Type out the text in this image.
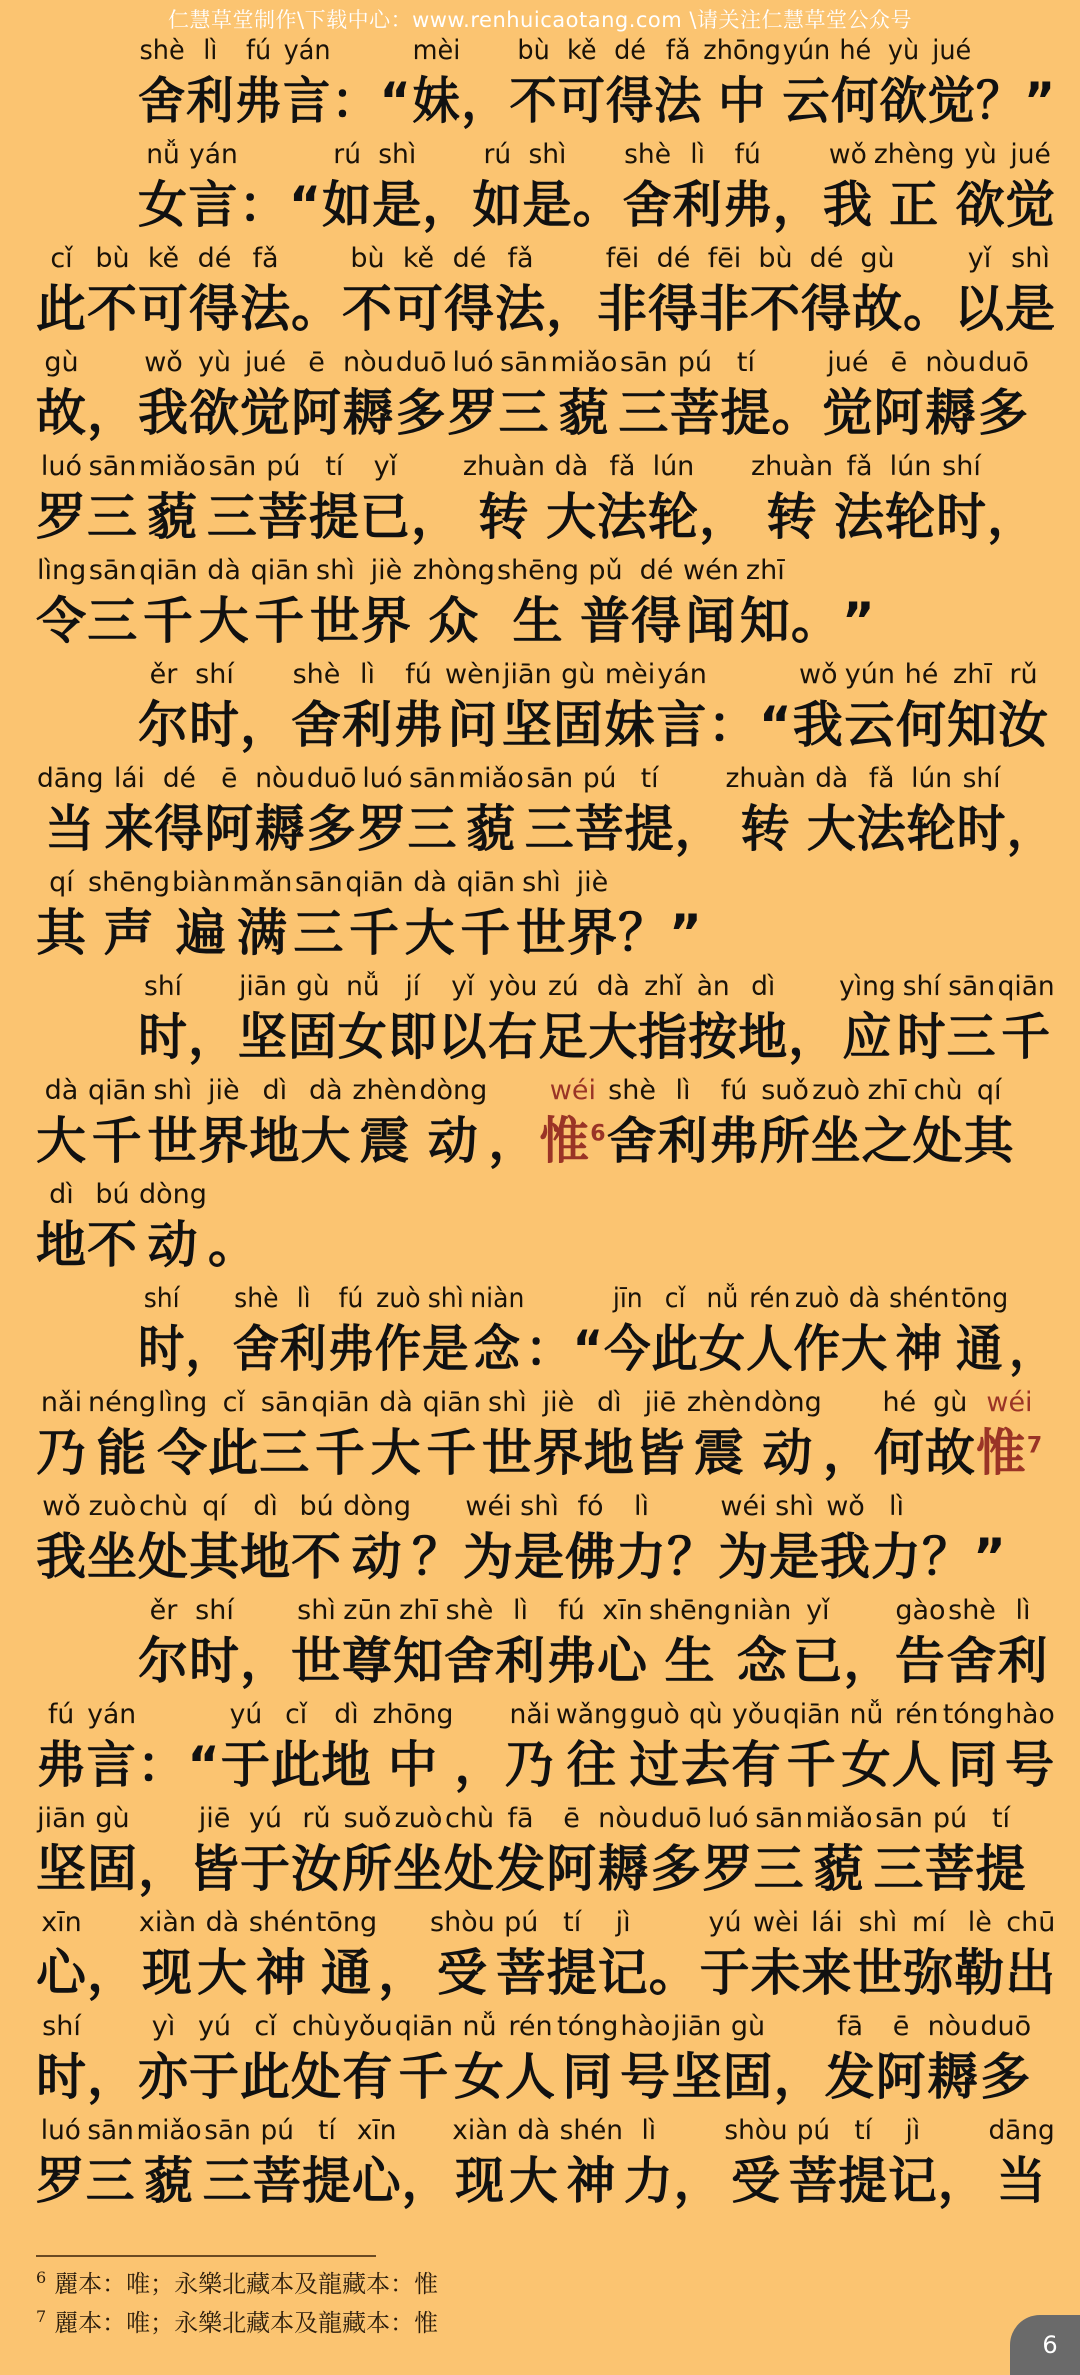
仁慧草堂制作\下载中心：www.renhuicaotang.com \请关注仁慧草堂公众号
shè
舍
lì
利
fú
弗
yán
言 ： “
mèi
妹 ，
bù
不
kě
可
dé
得
fǎ
法
zhōng
中
yún
云
hé
何
yù
欲
jué
觉 ？ ”
nǚ
女
yán
言 ： “
rú
如
shì
是 ，
rú
如
shì
是 。
shè
舍
lì
利
fú
弗 ，
wǒ
我
zhèng
正
yù
欲
jué
觉
cǐ
此
bù
不
kě
可
dé
得
fǎ
法 。
bù
不
kě
可
dé
得
fǎ
法 ，
fēi
非
dé
得
fēi
非
bù
不
dé
得
gù
故 。
yǐ
以
shì
是
gù
故 ，
wǒ
我
yù
欲
jué
觉
ē
阿
nòu
耨
duō
多
luó
罗
sān
三
miǎo
藐
sān
三
pú
菩
tí
提 。
jué
觉
ē
阿
nòu
耨
duō
多
luó
罗
sān
三
miǎo
藐
sān
三
pú
菩
tí
提
yǐ
已 ，
zhuàn
转
dà
大
fǎ
法
lún
轮 ，
zhuàn
转
fǎ
法
lún
轮
shí
时 ，
lìng
令
sān
三
qiān
千
dà
大
qiān
千
shì
世
jiè
界
zhòng
众
shēng
生
pǔ
普
dé
得
wén
闻
zhī
知 。 ”
ěr
尔
shí
时 ，
shè
舍
lì
利
fú
弗
wèn
问
jiān
坚
gù
固
mèi
妹
yán
言 ： “
wǒ
我
yún
云
hé
何
zhī
知
rǔ
汝
dāng
当
lái
来
dé
得
ē
阿
nòu
耨
duō
多
luó
罗
sān
三
miǎo
藐
sān
三
pú
菩
tí
提 ，
zhuàn
转
dà
大
fǎ
法
lún
轮
shí
时 ，
qí
其
shēng
声
biàn
遍
mǎn
满
sān
三
qiān
千
dà
大
qiān
千
shì
世
jiè
界 ？ ”
shí
时 ，
jiān
坚
gù
固
nǚ
女
jí
即
yǐ
以
yòu
右
zú
足
dà
大
zhǐ
指
àn
按
dì
地 ，
yìng
应
shí
时
sān
三
qiān
千
dà
大
qiān
千
shì
世
jiè
界
dì
地
dà
大
zhèn
震
dòng
动 ，
wéi
惟$^6$
shè
舍
lì
利
fú
弗
suǒ
所
zuò
坐
zhī
之
chù
处
qí
其
dì
地
bú
不
dòng
动 。
shí
时 ，
shè
舍
lì
利
fú
弗
zuò
作
shì
是
niàn
念 ： “
jīn
今
cǐ
此
nǚ
女
rén
人
zuò
作
dà
大
shén
神
tōng
通 ，
nǎi
乃
néng
能
lìng
令
cǐ
此
sān
三
qiān
千
dà
大
qiān
千
shì
世
jiè
界
dì
地
jiē
皆
zhèn
震
dòng
动 ，
hé
何
gù
故
wéi
惟$^7$
wǒ
我
zuò
坐
chù
处
qí
其
dì
地
bú
不
dòng
动 ？
wéi
为
shì
是
fó
佛
lì
力 ？
wéi
为
shì
是
wǒ
我
lì
力 ？ ”
ěr
尔
shí
时 ，
shì
世
zūn
尊
zhī
知
shè
舍
lì
利
fú
弗
xīn
心
shēng
生
niàn
念
yǐ
已 ，
gào
告
shè
舍
lì
利
fú
弗
yán
言 ： “
yú
于
cǐ
此
dì
地
zhōng
中 ，
nǎi
乃
wǎng
往
guò
过
qù
去
yǒu
有
qiān
千
nǚ
女
rén
人
tóng
同
hào
号
jiān
坚
gù
固 ，
jiē
皆
yú
于
rǔ
汝
suǒ
所
zuò
坐
chù
处
fā
发
ē
阿
nòu
耨
duō
多
luó
罗
sān
三
miǎo
藐
sān
三
pú
菩
tí
提
xīn
心 ，
xiàn
现
dà
大
shén
神
tōng
通 ，
shòu
受
pú
菩
tí
提
jì
记 。
yú
于
wèi
未
lái
来
shì
世
mí
弥
lè
勒
chū
出
shí
时 ，
yì
亦
yú
于
cǐ
此
chù
处
yǒu
有
qiān
千
nǚ
女
rén
人
tóng
同
hào
号
jiān
坚
gù
固 ，
fā
发
ē
阿
nòu
耨
duō
多
luó
罗
sān
三
miǎo
藐
sān
三
pú
菩
tí
提
xīn
心 ，
xiàn
现
dà
大
shén
神
lì
力 ，
shòu
受
pú
菩
tí
提
jì
记 ，
dāng
当
$^6$ 麗本：唯；永樂北藏本及龍藏本：惟
$^7$ 麗本：唯；永樂北藏本及龍藏本：惟
6
